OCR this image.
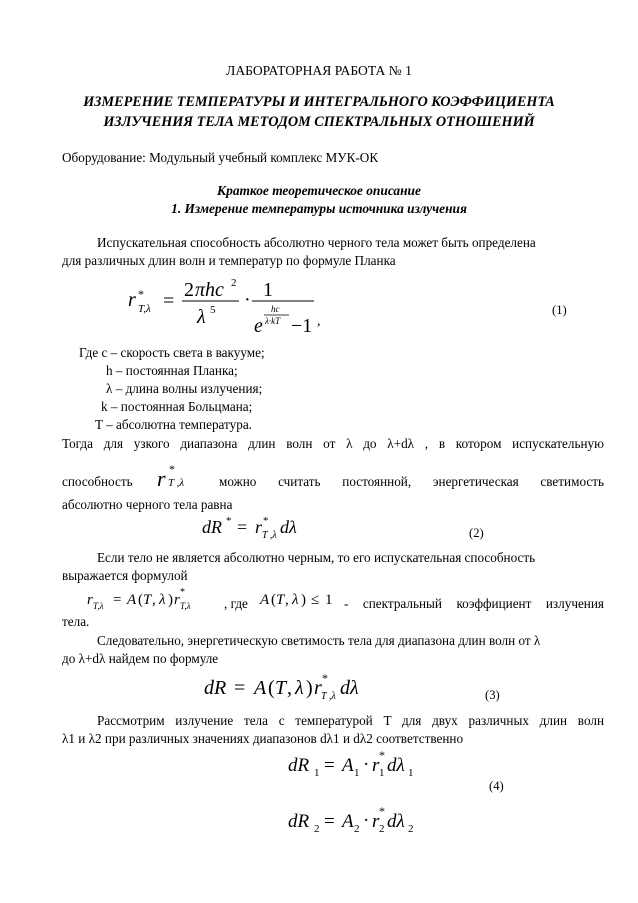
ЛАБОРАТОРНАЯ РАБОТА № 1
ИЗМЕРЕНИЕ ТЕМПЕРАТУРЫ И ИНТЕГРАЛЬНОГО КОЭФФИЦИЕНТА
ИЗЛУЧЕНИЯ ТЕЛА МЕТОДОМ СПЕКТРАЛЬНЫХ ОТНОШЕНИЙ
Оборудование: Модульный учебный комплекс МУК-ОК
Краткое теоретическое описание
1. Измерение температуры источника излучения
Испускательная способность абсолютно черного тела может быть определена
для различных длин волн и температур по формуле Планка
r *
T,λ = 2 πhc 2
λ 5 · 1
e
hc
λ·kT −1 ,
(1)
Где c – скорость света в вакууме;
h – постоянная Планка;
λ – длина волны излучения;
k – постоянная Больцмана;
T – абсолютна температура.
Тогда для узкого диапазона длин волн от λ до λ+dλ , в котором испускательную
способность r *
T ,λ	можно считать постоянной, энергетическая светимость
абсолютно черного тела равна
dR * = r *
T ,λ dλ	(2)
Если тело не является абсолютно черным, то его испускательная способность
выражается формулой
r T,λ = A ( T , λ ) r *
T,λ	, где A ( T , λ ) ≤ 1 - спектральный коэффициент излучения
тела.
Следовательно, энергетическую светимость тела для диапазона длин волн от λ
до λ+dλ найдем по формуле
dR = A ( T , λ ) r *
T ,λ dλ	(3)
Рассмотрим излучение тела с температурой T для двух различных длин волн
λ1 и λ2 при различных значениях диапазонов dλ1 и dλ2 соответственно
dR 1 = A 1 · r *
1 dλ 1
(4)
dR 2 = A 2 · r *
2 dλ 2
